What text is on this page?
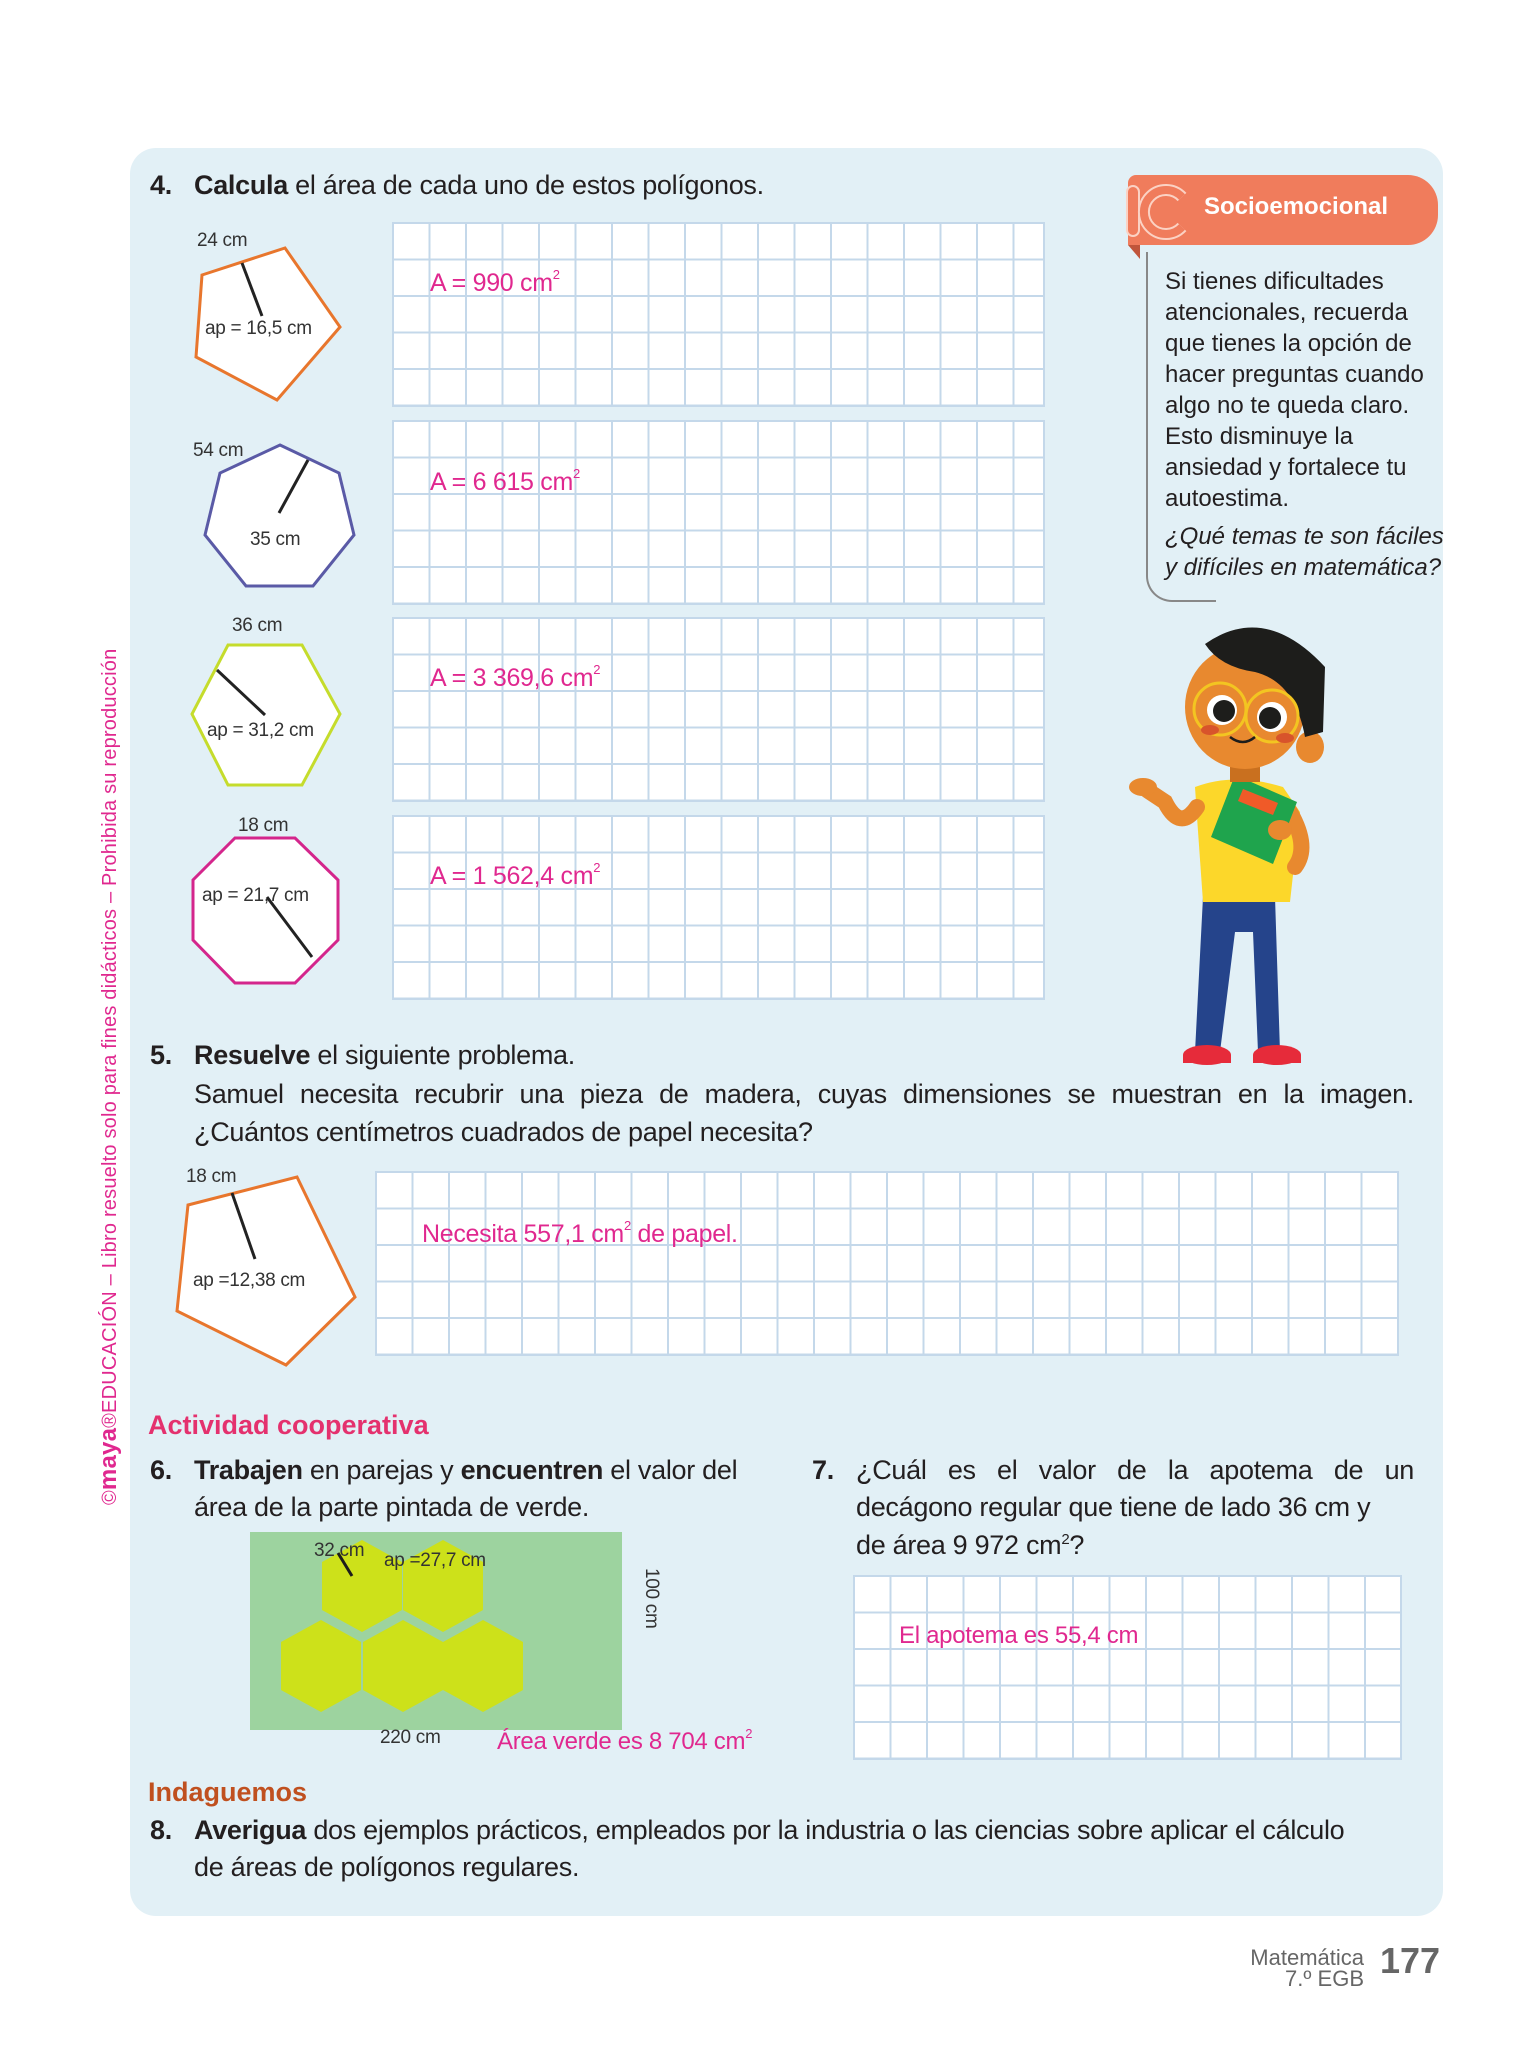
©maya®EDUCACIÓN – Libro resuelto solo para fines didácticos – Prohibida su reproducción
4. Calcula el área de cada uno de estos polígonos.
24 cm
ap = 16,5 cm
A = 990 $cm^2$
54 cm
35 cm
A = 6 615 $cm^2$
36 cm
ap = 31,2 cm
A = 3 369,6 $cm^2$
18 cm
ap = 21,7 cm
A = 1 562,4 $cm^2$
Socioemocional
Si tienes dificultades atencionales, recuerda que tienes la opción de hacer preguntas cuando algo no te queda claro. Esto disminuye la ansiedad y fortalece tu autoestima.
¿Qué temas te son fáciles y difíciles en matemática?
5. Resuelve el siguiente problema.
Samuel necesita recubrir una pieza de madera, cuyas dimensiones se muestran en la imagen.
¿Cuántos centímetros cuadrados de papel necesita?
18 cm
ap =12,38 cm
Necesita 557,1 $cm^2$ de papel.
Actividad cooperativa
6. Trabajen en parejas y encuentren el valor del
área de la parte pintada de verde.
32 cm ap =27,7 cm
100 cm
220 cm Área verde es 8 704 $cm^2$
7. ¿Cuál es el valor de la apotema de un
decágono regular que tiene de lado 36 cm y
de área 9 972 $cm^2$?
El apotema es 55,4 cm
Indaguemos
8. Averigua dos ejemplos prácticos, empleados por la industria o las ciencias sobre aplicar el cálculo
de áreas de polígonos regulares.
Matemática
7.º EGB 177
